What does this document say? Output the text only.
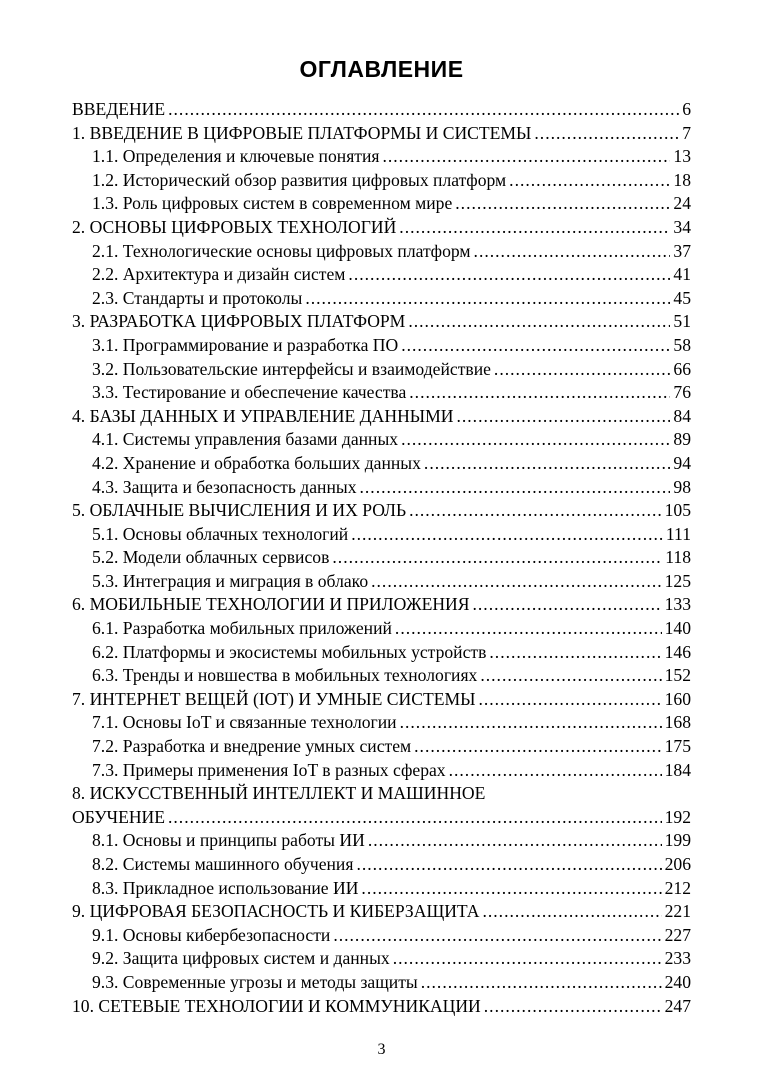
ОГЛАВЛЕНИЕ
ВВЕДЕНИЕ .....	6
1. ВВЕДЕНИЕ В ЦИФРОВЫЕ ПЛАТФОРМЫ И СИСТЕМЫ .....	7
1.1. Определения и ключевые понятия .....	13
1.2. Исторический обзор развития цифровых платформ .....	18
1.3. Роль цифровых систем в современном мире .....	24
2. ОСНОВЫ ЦИФРОВЫХ ТЕХНОЛОГИЙ .....	34
2.1. Технологические основы цифровых платформ .....	37
2.2. Архитектура и дизайн систем .....	41
2.3. Стандарты и протоколы .....	45
3. РАЗРАБОТКА ЦИФРОВЫХ ПЛАТФОРМ .....	51
3.1. Программирование и разработка ПО .....	58
3.2. Пользовательские интерфейсы и взаимодействие .....	66
3.3. Тестирование и обеспечение качества .....	76
4. БАЗЫ ДАННЫХ И УПРАВЛЕНИЕ ДАННЫМИ .....	84
4.1. Системы управления базами данных .....	89
4.2. Хранение и обработка больших данных .....	94
4.3. Защита и безопасность данных .....	98
5. ОБЛАЧНЫЕ ВЫЧИСЛЕНИЯ И ИХ РОЛЬ .....	105
5.1. Основы облачных технологий .....	111
5.2. Модели облачных сервисов .....	118
5.3. Интеграция и миграция в облако .....	125
6. МОБИЛЬНЫЕ ТЕХНОЛОГИИ И ПРИЛОЖЕНИЯ .....	133
6.1. Разработка мобильных приложений .....	140
6.2. Платформы и экосистемы мобильных устройств .....	146
6.3. Тренды и новшества в мобильных технологиях .....	152
7. ИНТЕРНЕТ ВЕЩЕЙ (IOT) И УМНЫЕ СИСТЕМЫ .....	160
7.1. Основы IoT и связанные технологии .....	168
7.2. Разработка и внедрение умных систем .....	175
7.3. Примеры применения IoT в разных сферах .....	184
8. ИСКУССТВЕННЫЙ ИНТЕЛЛЕКТ И МАШИННОЕ
ОБУЧЕНИЕ .....	192
8.1. Основы и принципы работы ИИ .....	199
8.2. Системы машинного обучения .....	206
8.3. Прикладное использование ИИ .....	212
9. ЦИФРОВАЯ БЕЗОПАСНОСТЬ И КИБЕРЗАЩИТА .....	221
9.1. Основы кибербезопасности .....	227
9.2. Защита цифровых систем и данных .....	233
9.3. Современные угрозы и методы защиты .....	240
10. СЕТЕВЫЕ ТЕХНОЛОГИИ И КОММУНИКАЦИИ .....	247
3
